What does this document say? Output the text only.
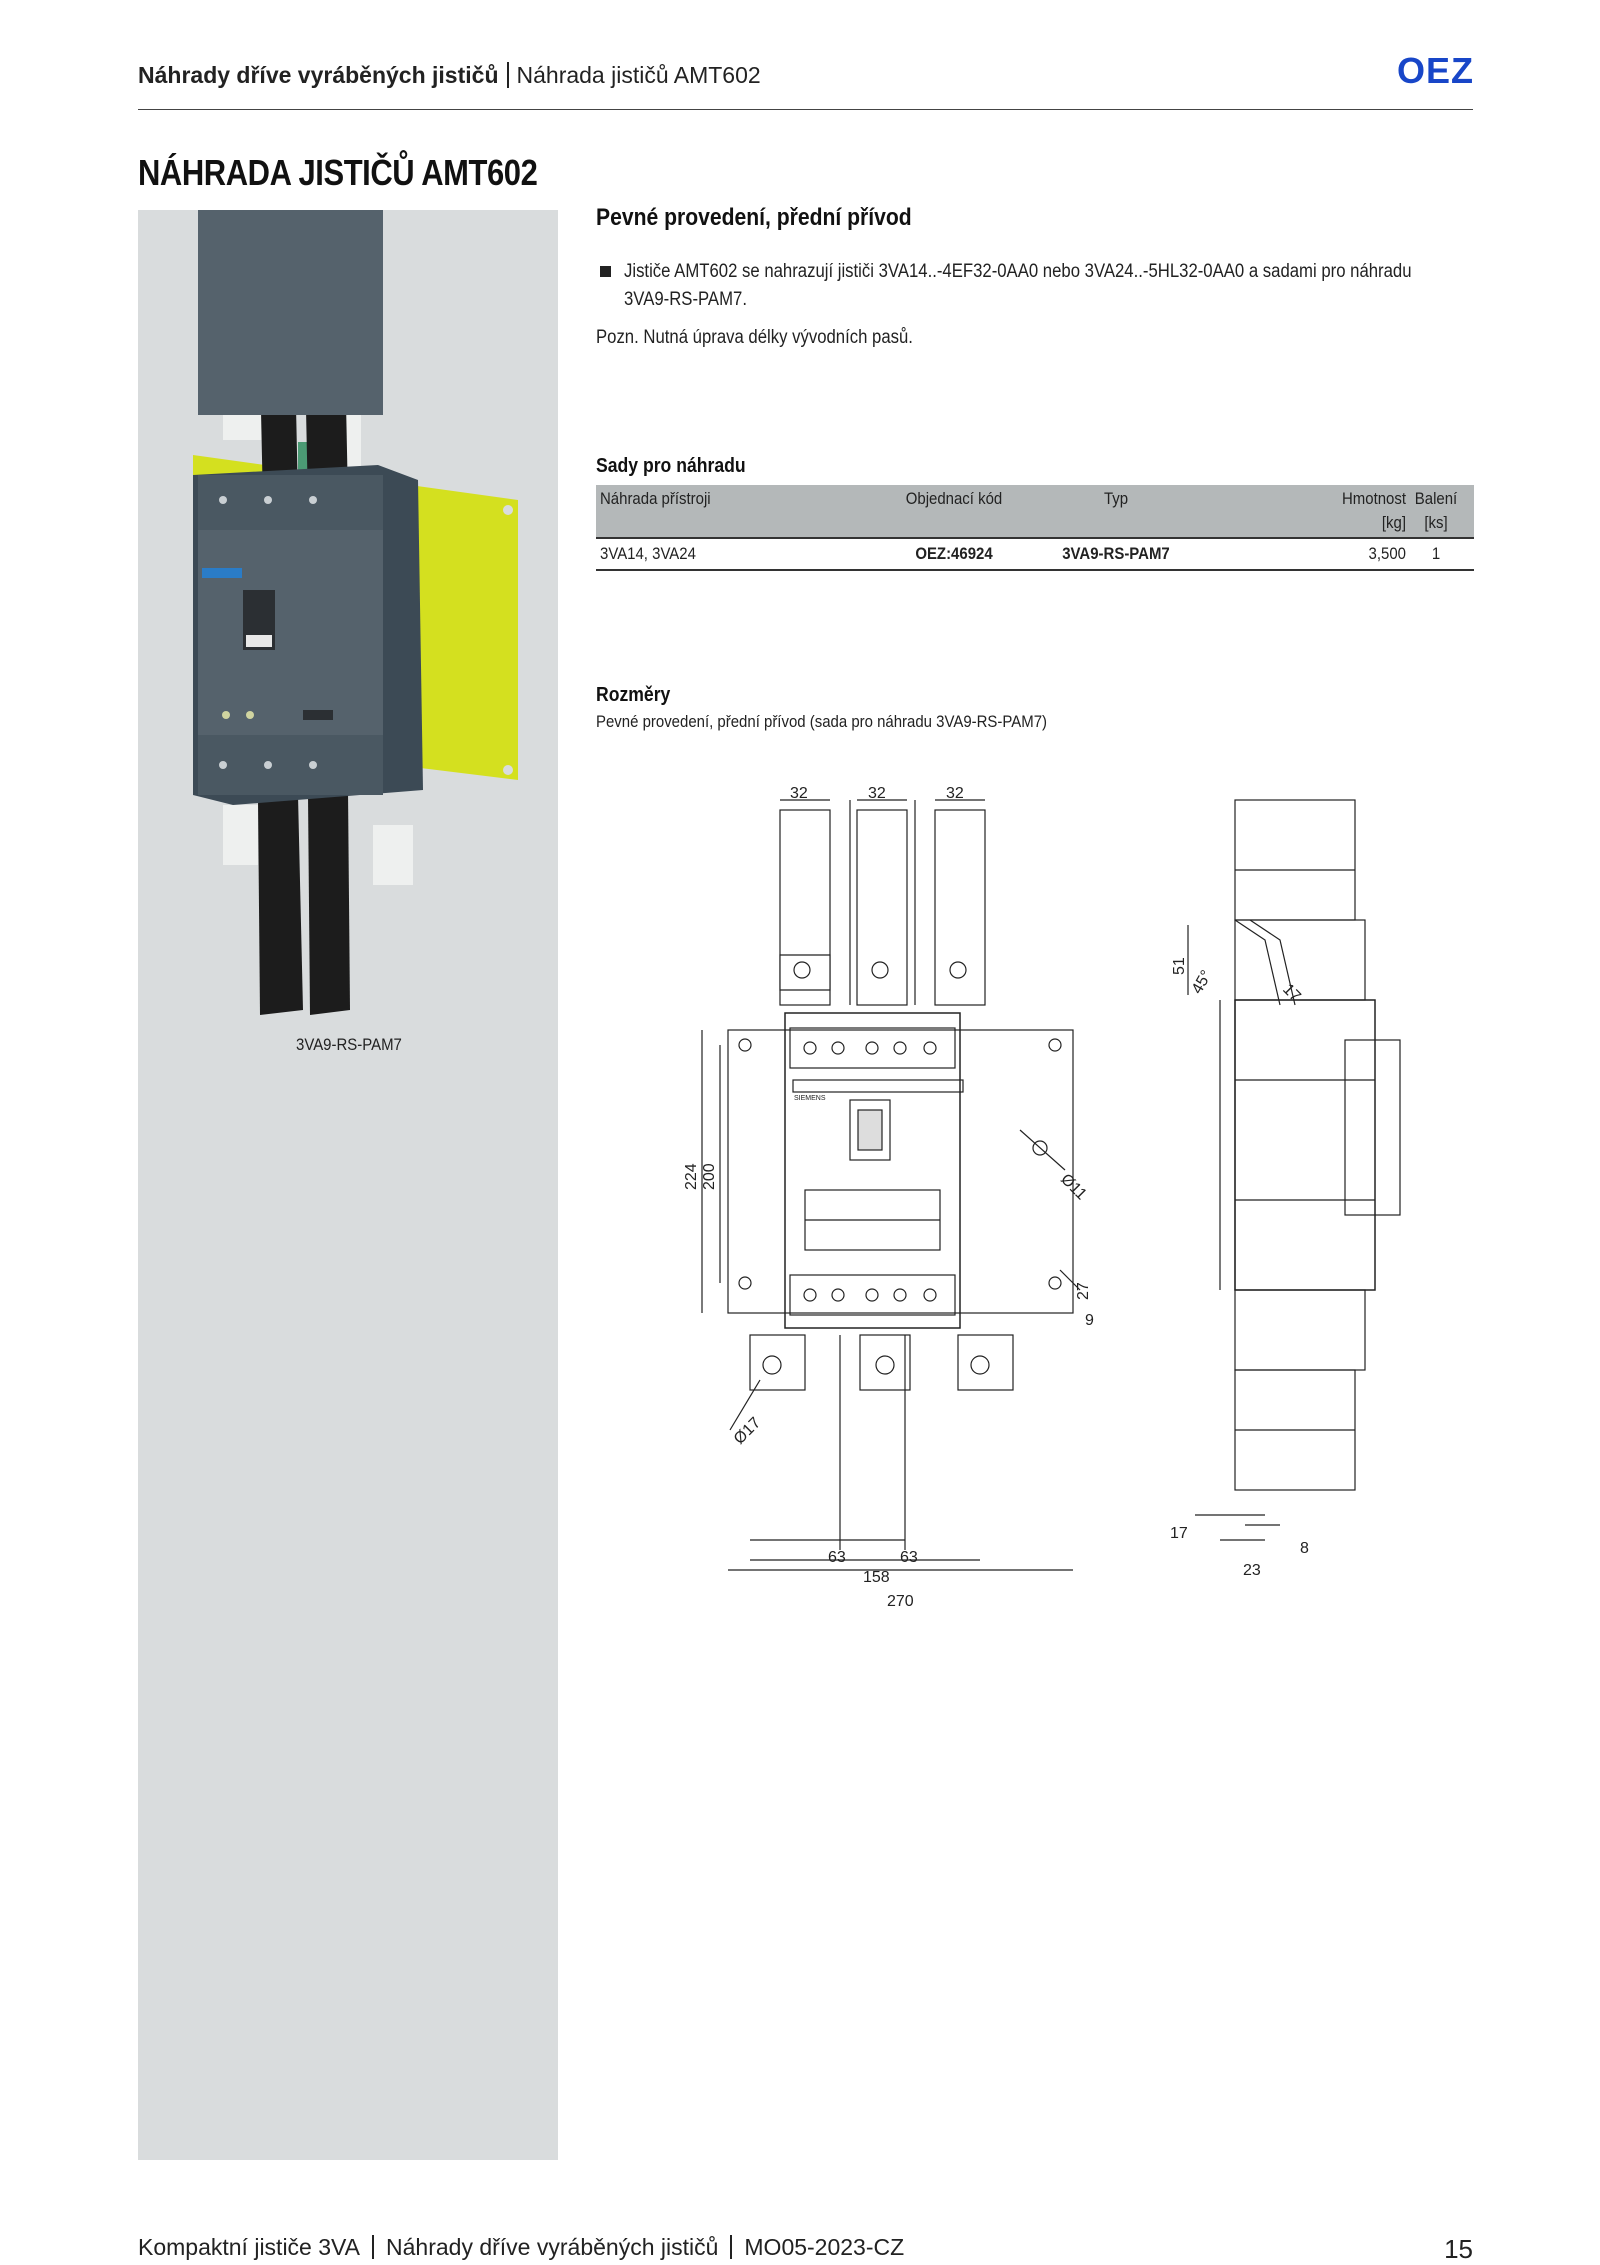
Náhrady dříve vyráběných jističů Náhrada jističů AMT602	OEZ
NÁHRADA JISTIČŮ AMT602
3VA9-RS-PAM7
Pevné provedení, přední přívod
Jističe AMT602 se nahrazují jističi 3VA14..-4EF32-0AA0 nebo 3VA24..-5HL32-0AA0 a sadami pro náhradu
3VA9-RS-PAM7.
Pozn. Nutná úprava délky vývodních pasů.
Sady pro náhradu
Náhrada přístroji	Objednací kód	Typ	Hmotnost Balení
[kg]	[ks]
3VA14, 3VA24	OEZ:46924	3VA9-RS-PAM7	3,500	1
Rozměry
Pevné provedení, přední přívod (sada pro náhradu 3VA9-RS-PAM7)
32	32	32
224 200	Ø11
Ø17
27
9
63	63
158
270
51
45°	17
17
8
23
SIEMENS
Kompaktní jističe 3VA Náhrady dříve vyráběných jističů MO05-2023-CZ	15
